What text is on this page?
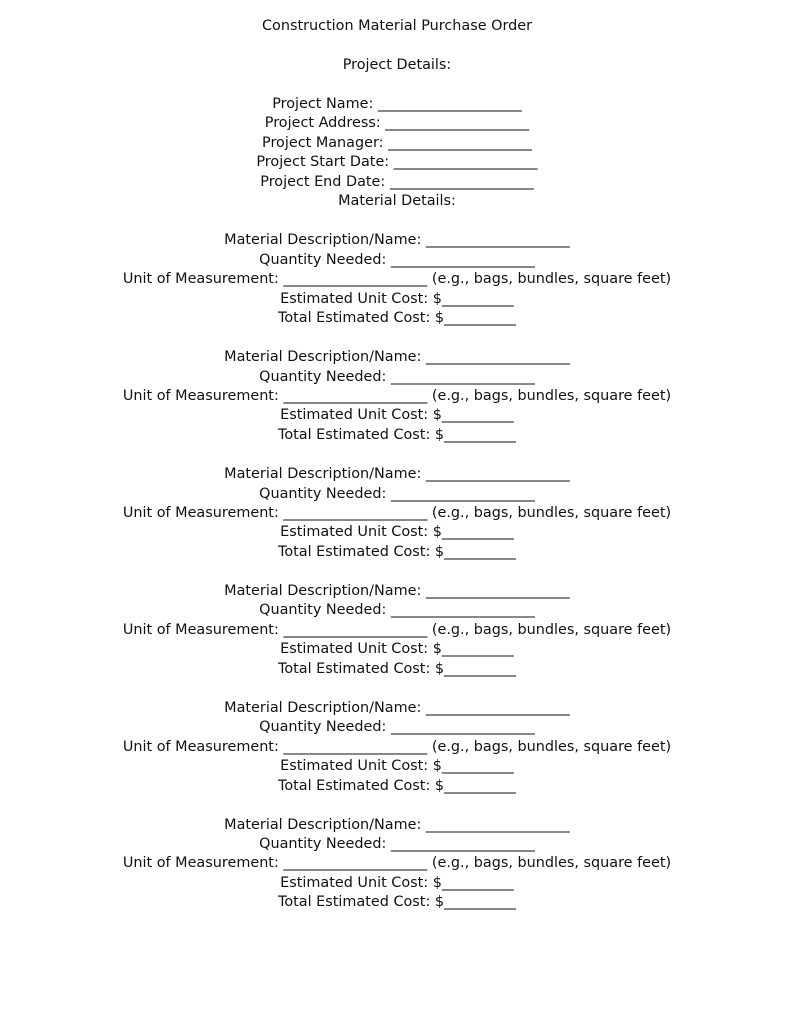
Construction Material Purchase Order
Project Details:
Project Name: ____________________
Project Address: ____________________
Project Manager: ____________________
Project Start Date: ____________________
Project End Date: ____________________
Material Details:
Material Description/Name: ____________________
Quantity Needed: ____________________
Unit of Measurement: ____________________ (e.g., bags, bundles, square feet)
Estimated Unit Cost: $__________
Total Estimated Cost: $__________
Material Description/Name: ____________________
Quantity Needed: ____________________
Unit of Measurement: ____________________ (e.g., bags, bundles, square feet)
Estimated Unit Cost: $__________
Total Estimated Cost: $__________
Material Description/Name: ____________________
Quantity Needed: ____________________
Unit of Measurement: ____________________ (e.g., bags, bundles, square feet)
Estimated Unit Cost: $__________
Total Estimated Cost: $__________
Material Description/Name: ____________________
Quantity Needed: ____________________
Unit of Measurement: ____________________ (e.g., bags, bundles, square feet)
Estimated Unit Cost: $__________
Total Estimated Cost: $__________
Material Description/Name: ____________________
Quantity Needed: ____________________
Unit of Measurement: ____________________ (e.g., bags, bundles, square feet)
Estimated Unit Cost: $__________
Total Estimated Cost: $__________
Material Description/Name: ____________________
Quantity Needed: ____________________
Unit of Measurement: ____________________ (e.g., bags, bundles, square feet)
Estimated Unit Cost: $__________
Total Estimated Cost: $__________
